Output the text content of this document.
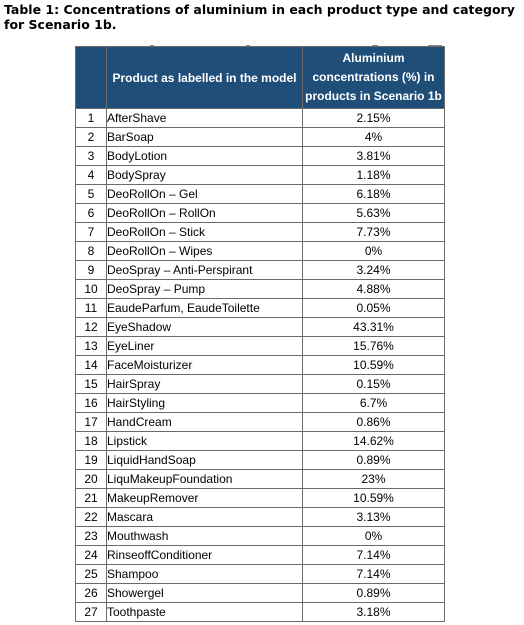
Table 1: Concentrations of aluminium in each product type and category for Scenario 1b.
	Product as labelled in the model	Aluminium
concentrations (%) in
products in Scenario 1b

1	AfterShave	2.15%
2	BarSoap	4%
3	BodyLotion	3.81%
4	BodySpray	1.18%
5	DeoRollOn – Gel	6.18%
6	DeoRollOn – RollOn	5.63%
7	DeoRollOn – Stick	7.73%
8	DeoRollOn – Wipes	0%
9	DeoSpray – Anti-Perspirant	3.24%
10	DeoSpray – Pump	4.88%
11	EaudeParfum, EaudeToilette	0.05%
12	EyeShadow	43.31%
13	EyeLiner	15.76%
14	FaceMoisturizer	10.59%
15	HairSpray	0.15%
16	HairStyling	6.7%
17	HandCream	0.86%
18	Lipstick	14.62%
19	LiquidHandSoap	0.89%
20	LiquMakeupFoundation	23%
21	MakeupRemover	10.59%
22	Mascara	3.13%
23	Mouthwash	0%
24	RinseoffConditioner	7.14%
25	Shampoo	7.14%
26	Showergel	0.89%
27	Toothpaste	3.18%
